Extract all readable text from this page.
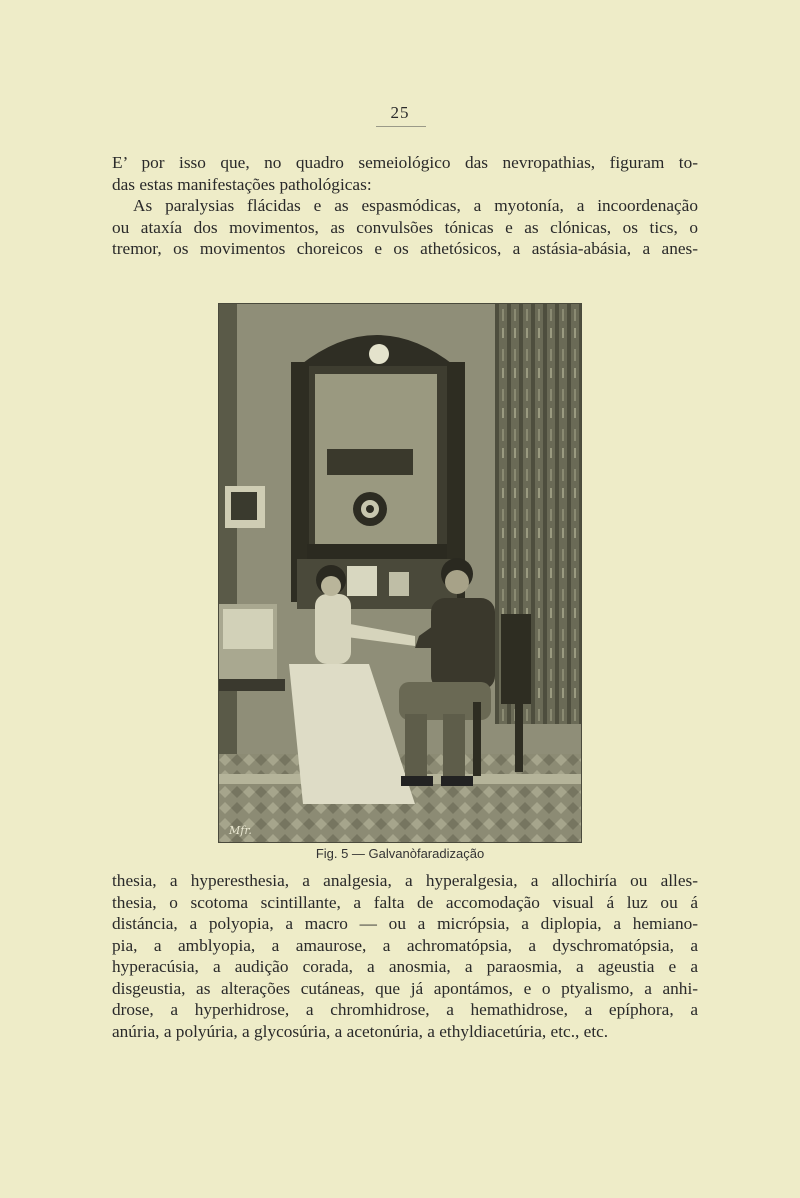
25

E’ por isso que, no quadro semeiológico das nevropathias, figuram to-
das estas manifestações pathológicas:

As paralysias flácidas e as espasmódicas, a myotonía, a incoordenação
ou ataxía dos movimentos, as convulsões tónicas e as clónicas, os tics, o
tremor, os movimentos choreicos e os athetósicos, a astásia-abásia, a anes-

Mfr.
Fig. 5 — Galvanòfaradização

thesia, a hyperesthesia, a analgesia, a hyperalgesia, a allochiría ou alles-
thesia, o scotoma scintillante, a falta de accomodação visual á luz ou á
distáncia, a polyopia, a macro — ou a micrópsia, a diplopia, a hemiano-
pia, a amblyopia, a amaurose, a achromatópsia, a dyschromatópsia, a
hyperacúsia, a audição corada, a anosmia, a paraosmia, a ageustia e a
disgeustia, as alterações cutáneas, que já apontámos, e o ptyalismo, a anhi-
drose, a hyperhidrose, a chromhidrose, a hemathidrose, a epíphora, a
anúria, a polyúria, a glycosúria, a acetonúria, a ethyldiacetúria, etc., etc.
